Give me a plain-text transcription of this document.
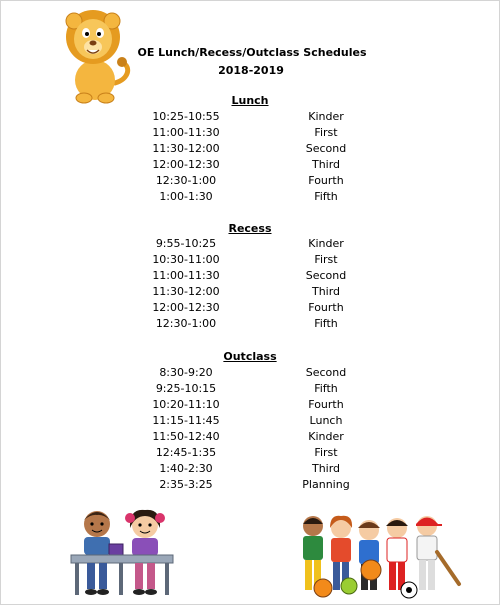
OE Lunch/Recess/Outclass Schedules
2018-2019
Lunch
10:25-10:55	Kinder
11:00-11:30	First
11:30-12:00	Second
12:00-12:30	Third
12:30-1:00	Fourth
1:00-1:30	Fifth
Recess
9:55-10:25	Kinder
10:30-11:00	First
11:00-11:30	Second
11:30-12:00	Third
12:00-12:30	Fourth
12:30-1:00	Fifth
Outclass
8:30-9:20	Second
9:25-10:15	Fifth
10:20-11:10	Fourth
11:15-11:45	Lunch
11:50-12:40	Kinder
12:45-1:35	First
1:40-2:30	Third
2:35-3:25	Planning
